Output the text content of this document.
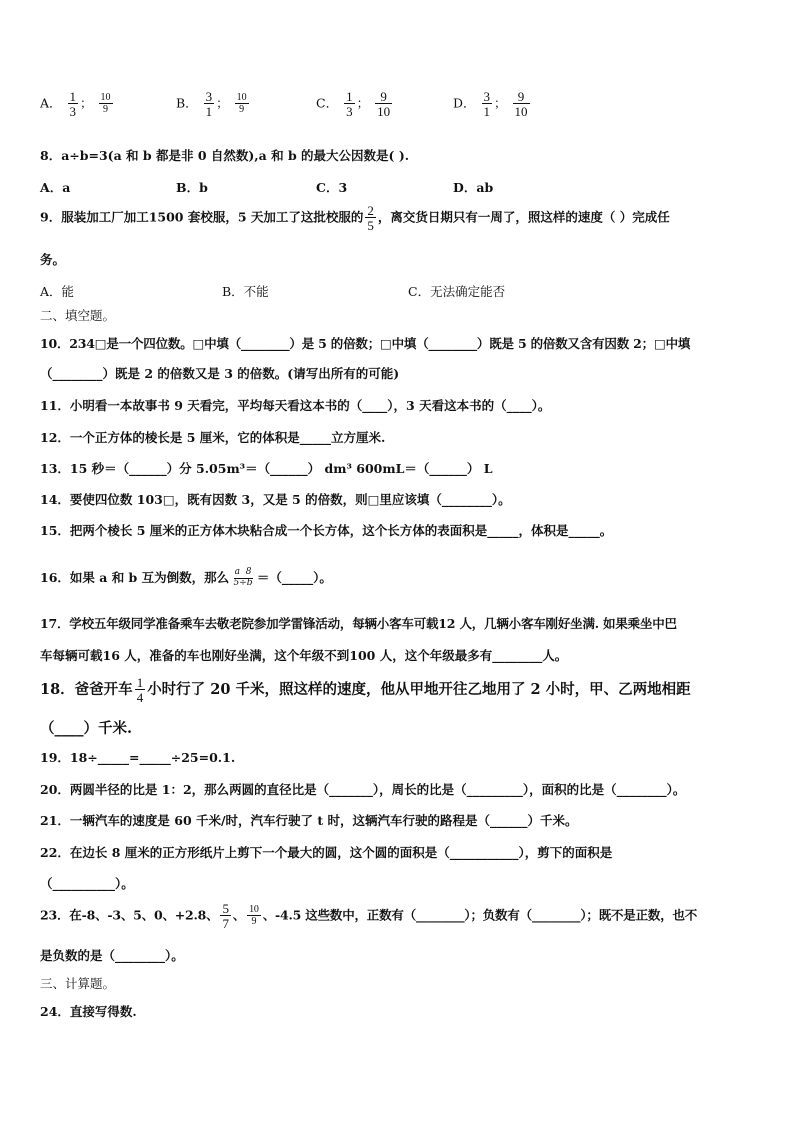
A． $\frac{1}{3}$ ； $\frac{10}{9}$	B． $\frac{3}{1}$ ； $\frac{10}{9}$	C． $\frac{1}{3}$ ； $\frac{9}{10}$	D． $\frac{3}{1}$ ； $\frac{9}{10}$
8．a÷b=3(a 和 b 都是非 0 自然数),a 和 b 的最大公因数是( ).
A．a	B．b	C．3	D．ab
9．服装加工厂加工1500 套校服，5 天加工了这批校服的 $\frac{2}{5}$ ，离交货日期只有一周了，照这样的速度（ ）完成任
务。
A．能	B．不能	C．无法确定能否
二、填空题。
10．234□是一个四位数。□中填（________）是 5 的倍数；□中填（________）既是 5 的倍数又含有因数 2；□中填
（________）既是 2 的倍数又是 3 的倍数。(请写出所有的可能)
11．小明看一本故事书 9 天看完，平均每天看这本书的（____），3 天看这本书的（____）。
12．一个正方体的棱长是 5 厘米，它的体积是_____立方厘米.
13．15 秒＝（______）分 5.05m³＝（______） dm³ 600mL＝（______） L
14．要使四位数 103□，既有因数 3，又是 5 的倍数，则□里应该填（________）。
15．把两个棱长 5 厘米的正方体木块粘合成一个长方体，这个长方体的表面积是_____，体积是_____。
16．如果 a 和 b 互为倒数，那么 $\frac{a 8}{5\div b}$ ＝（_____）。
17．学校五年级同学准备乘车去敬老院参加学雷锋活动，每辆小客车可载12 人，几辆小客车刚好坐满. 如果乘坐中巴
车每辆可载16 人，准备的车也刚好坐满，这个年级不到100 人，这个年级最多有________人。
18．爸爸开车 $\frac{1}{4}$ 小时行了 20 千米，照这样的速度，他从甲地开往乙地用了 2 小时，甲、乙两地相距
（____）千米.
19．18÷_____=_____÷25=0.1.
20．两圆半径的比是 1：2，那么两圆的直径比是（_______），周长的比是（_________），面积的比是（________）。
21．一辆汽车的速度是 60 千米/时，汽车行驶了 t 时，这辆汽车行驶的路程是（______）千米。
22．在边长 8 厘米的正方形纸片上剪下一个最大的圆，这个圆的面积是（___________），剪下的面积是
（__________）。
23．在-8、-3、5、0、+2.8、 $\frac{5}{7}$ 、 $\frac{10}{9}$ 、-4.5 这些数中，正数有（________）；负数有（________）；既不是正数，也不
是负数的是（________）。
三、计算题。
24．直接写得数.
